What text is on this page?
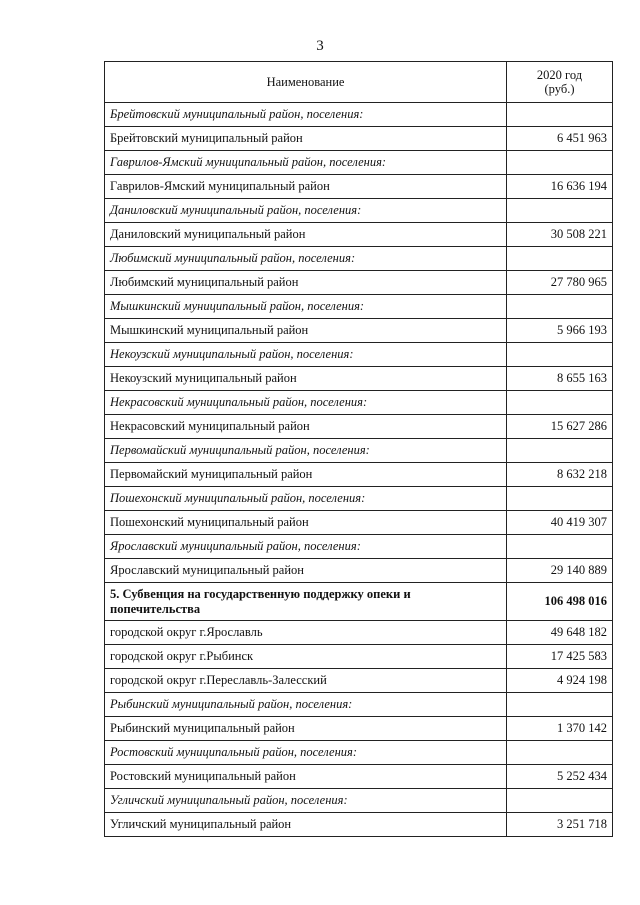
3
Наименование	2020 год
(руб.)
Брейтовский муниципальный район, поселения:	
Брейтовский муниципальный район	6 451 963
Гаврилов-Ямский муниципальный район, поселения:	
Гаврилов-Ямский муниципальный район	16 636 194
Даниловский муниципальный район, поселения:	
Даниловский муниципальный район	30 508 221
Любимский муниципальный район, поселения:	
Любимский муниципальный район	27 780 965
Мышкинский муниципальный район, поселения:	
Мышкинский муниципальный район	5 966 193
Некоузский муниципальный район, поселения:	
Некоузский муниципальный район	8 655 163
Некрасовский муниципальный район, поселения:	
Некрасовский муниципальный район	15 627 286
Первомайский муниципальный район, поселения:	
Первомайский муниципальный район	8 632 218
Пошехонский муниципальный район, поселения:	
Пошехонский муниципальный район	40 419 307
Ярославский муниципальный район, поселения:	
Ярославский муниципальный район	29 140 889
5. Субвенция на государственную поддержку опеки и попечительства	106 498 016
городской округ г.Ярославль	49 648 182
городской округ г.Рыбинск	17 425 583
городской округ г.Переславль-Залесский	4 924 198
Рыбинский муниципальный район, поселения:	
Рыбинский муниципальный район	1 370 142
Ростовский муниципальный район, поселения:	
Ростовский муниципальный район	5 252 434
Угличский муниципальный район, поселения:	
Угличский муниципальный район	3 251 718
